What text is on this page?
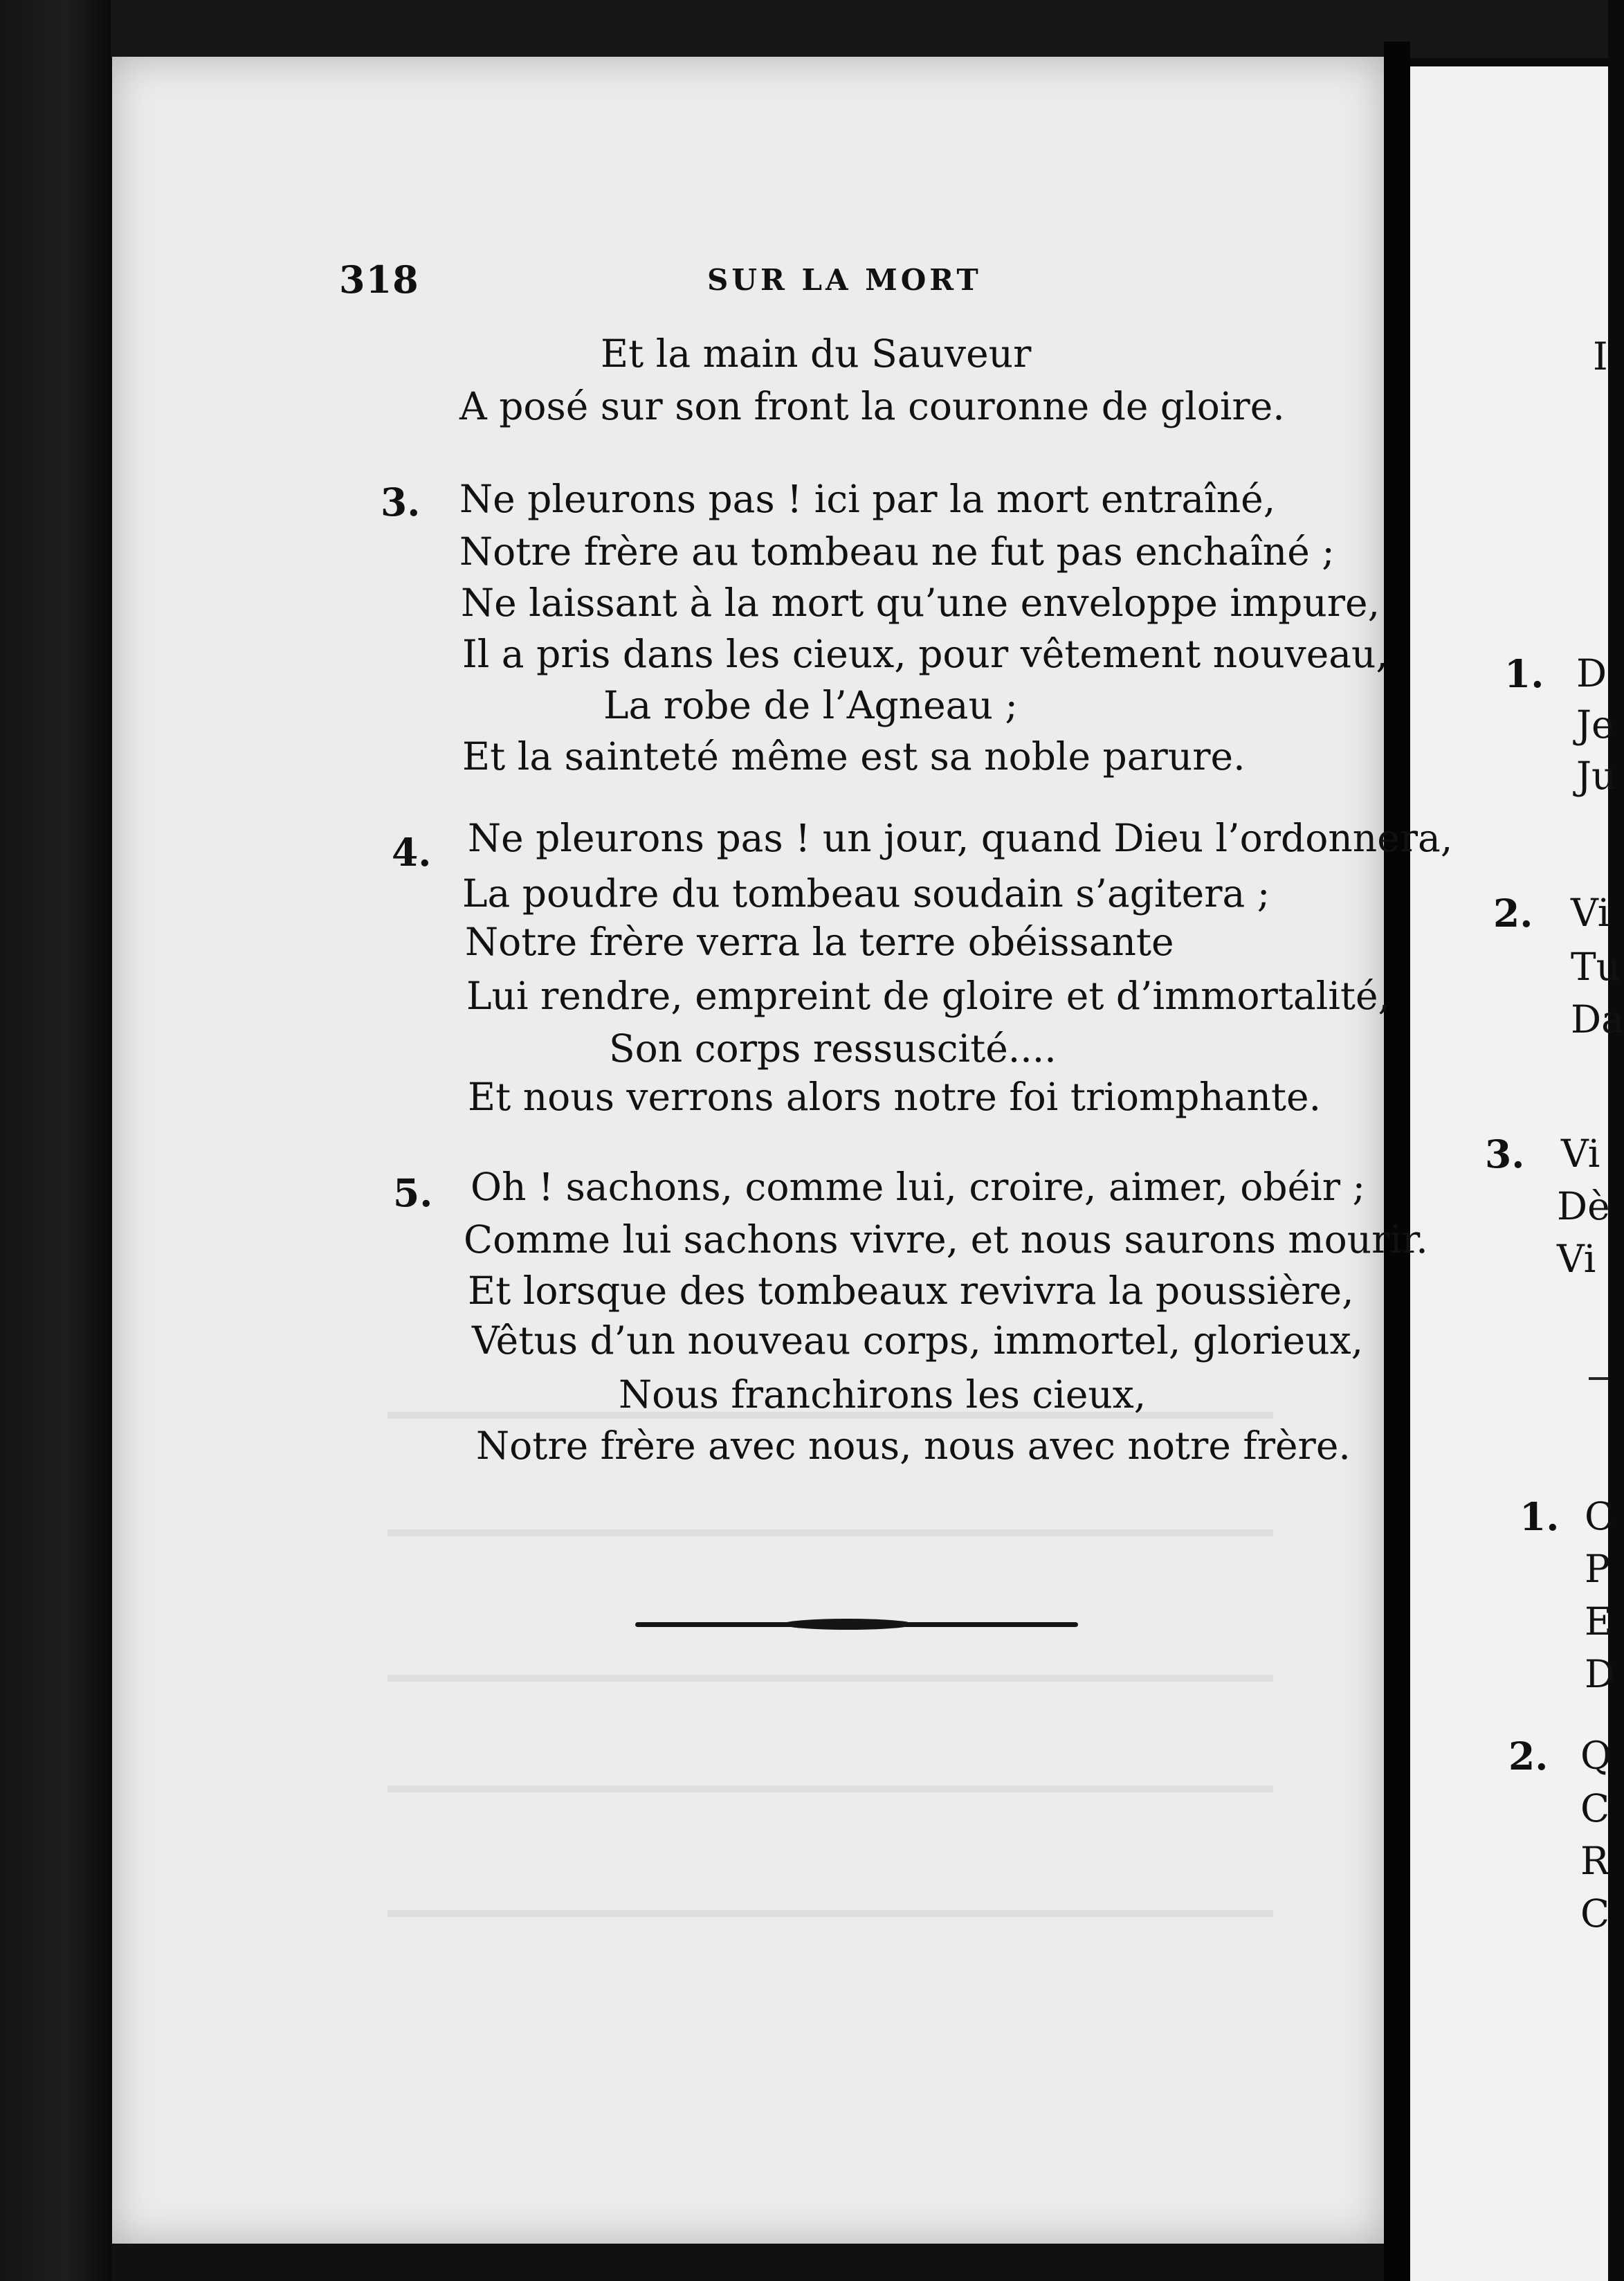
318	SUR LA MORT
Et la main du Sauveur
A posé sur son front la couronne de gloire.
3. Ne pleurons pas ! ici par la mort entraîné,
Notre frère au tombeau ne fut pas enchaîné ;
Ne laissant à la mort qu’une enveloppe impure,
Il a pris dans les cieux, pour vêtement nouveau,
La robe de l’Agneau ;
Et la sainteté même est sa noble parure.
4. Ne pleurons pas ! un jour, quand Dieu l’ordonnera,
La poudre du tombeau soudain s’agitera ;
Notre frère verra la terre obéissante
Lui rendre, empreint de gloire et d’immortalité,
Son corps ressuscité....
Et nous verrons alors notre foi triomphante.
5. Oh ! sachons, comme lui, croire, aimer, obéir ;
Comme lui sachons vivre, et nous saurons mourir.
Et lorsque des tombeaux revivra la poussière,
Vêtus d’un nouveau corps, immortel, glorieux,
Nous franchirons les cieux,
Notre frère avec nous, nous avec notre frère.
I
1. D
Je
Ju
2. Vi
Tu
Da
3. Vi
Dè
Vi
1. C
P
E
D
2. Q
C
R
C
